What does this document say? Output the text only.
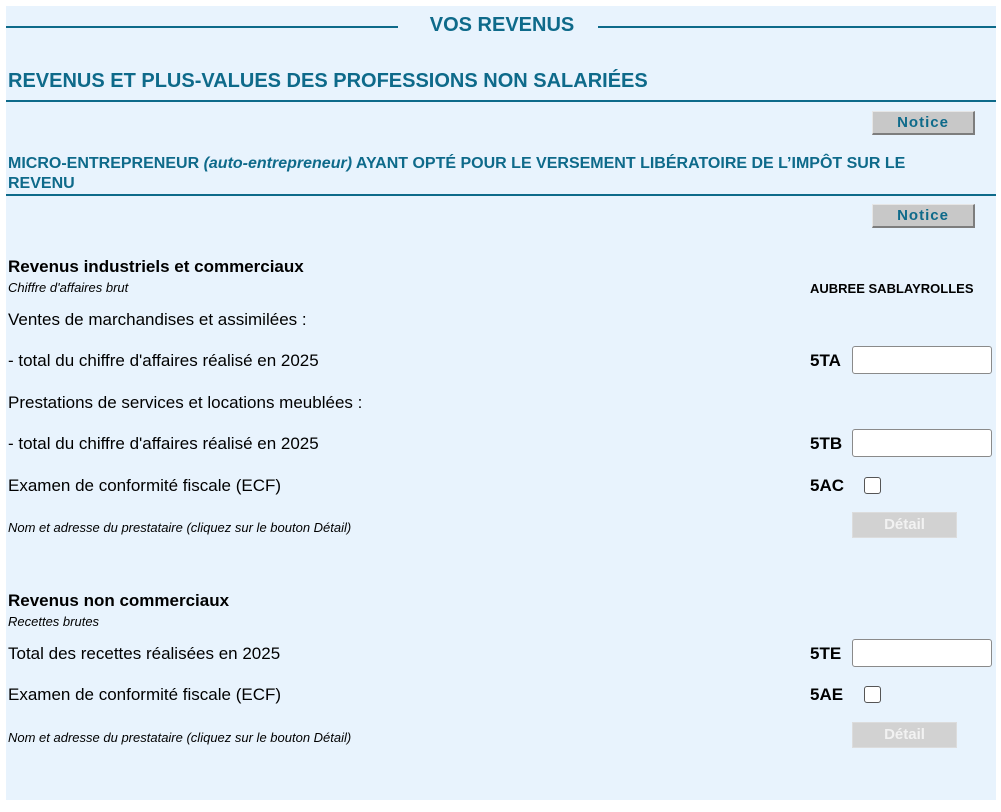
VOS REVENUS
REVENUS ET PLUS-VALUES DES PROFESSIONS NON SALARIÉES
Notice
MICRO-ENTREPRENEUR (auto-entrepreneur) AYANT OPTÉ POUR LE VERSEMENT LIBÉRATOIRE DE L’IMPÔT SUR LE
REVENU
Notice
Revenus industriels et commerciaux
Chiffre d'affaires brut	AUBREE SABLAYROLLES
Ventes de marchandises et assimilées :
- total du chiffre d'affaires réalisé en 2025	5TA
Prestations de services et locations meublées :
- total du chiffre d'affaires réalisé en 2025	5TB
Examen de conformité fiscale (ECF)	5AC
Nom et adresse du prestataire (cliquez sur le bouton Détail)	Détail
Revenus non commerciaux
Recettes brutes
Total des recettes réalisées en 2025	5TE
Examen de conformité fiscale (ECF)	5AE
Nom et adresse du prestataire (cliquez sur le bouton Détail)	Détail
